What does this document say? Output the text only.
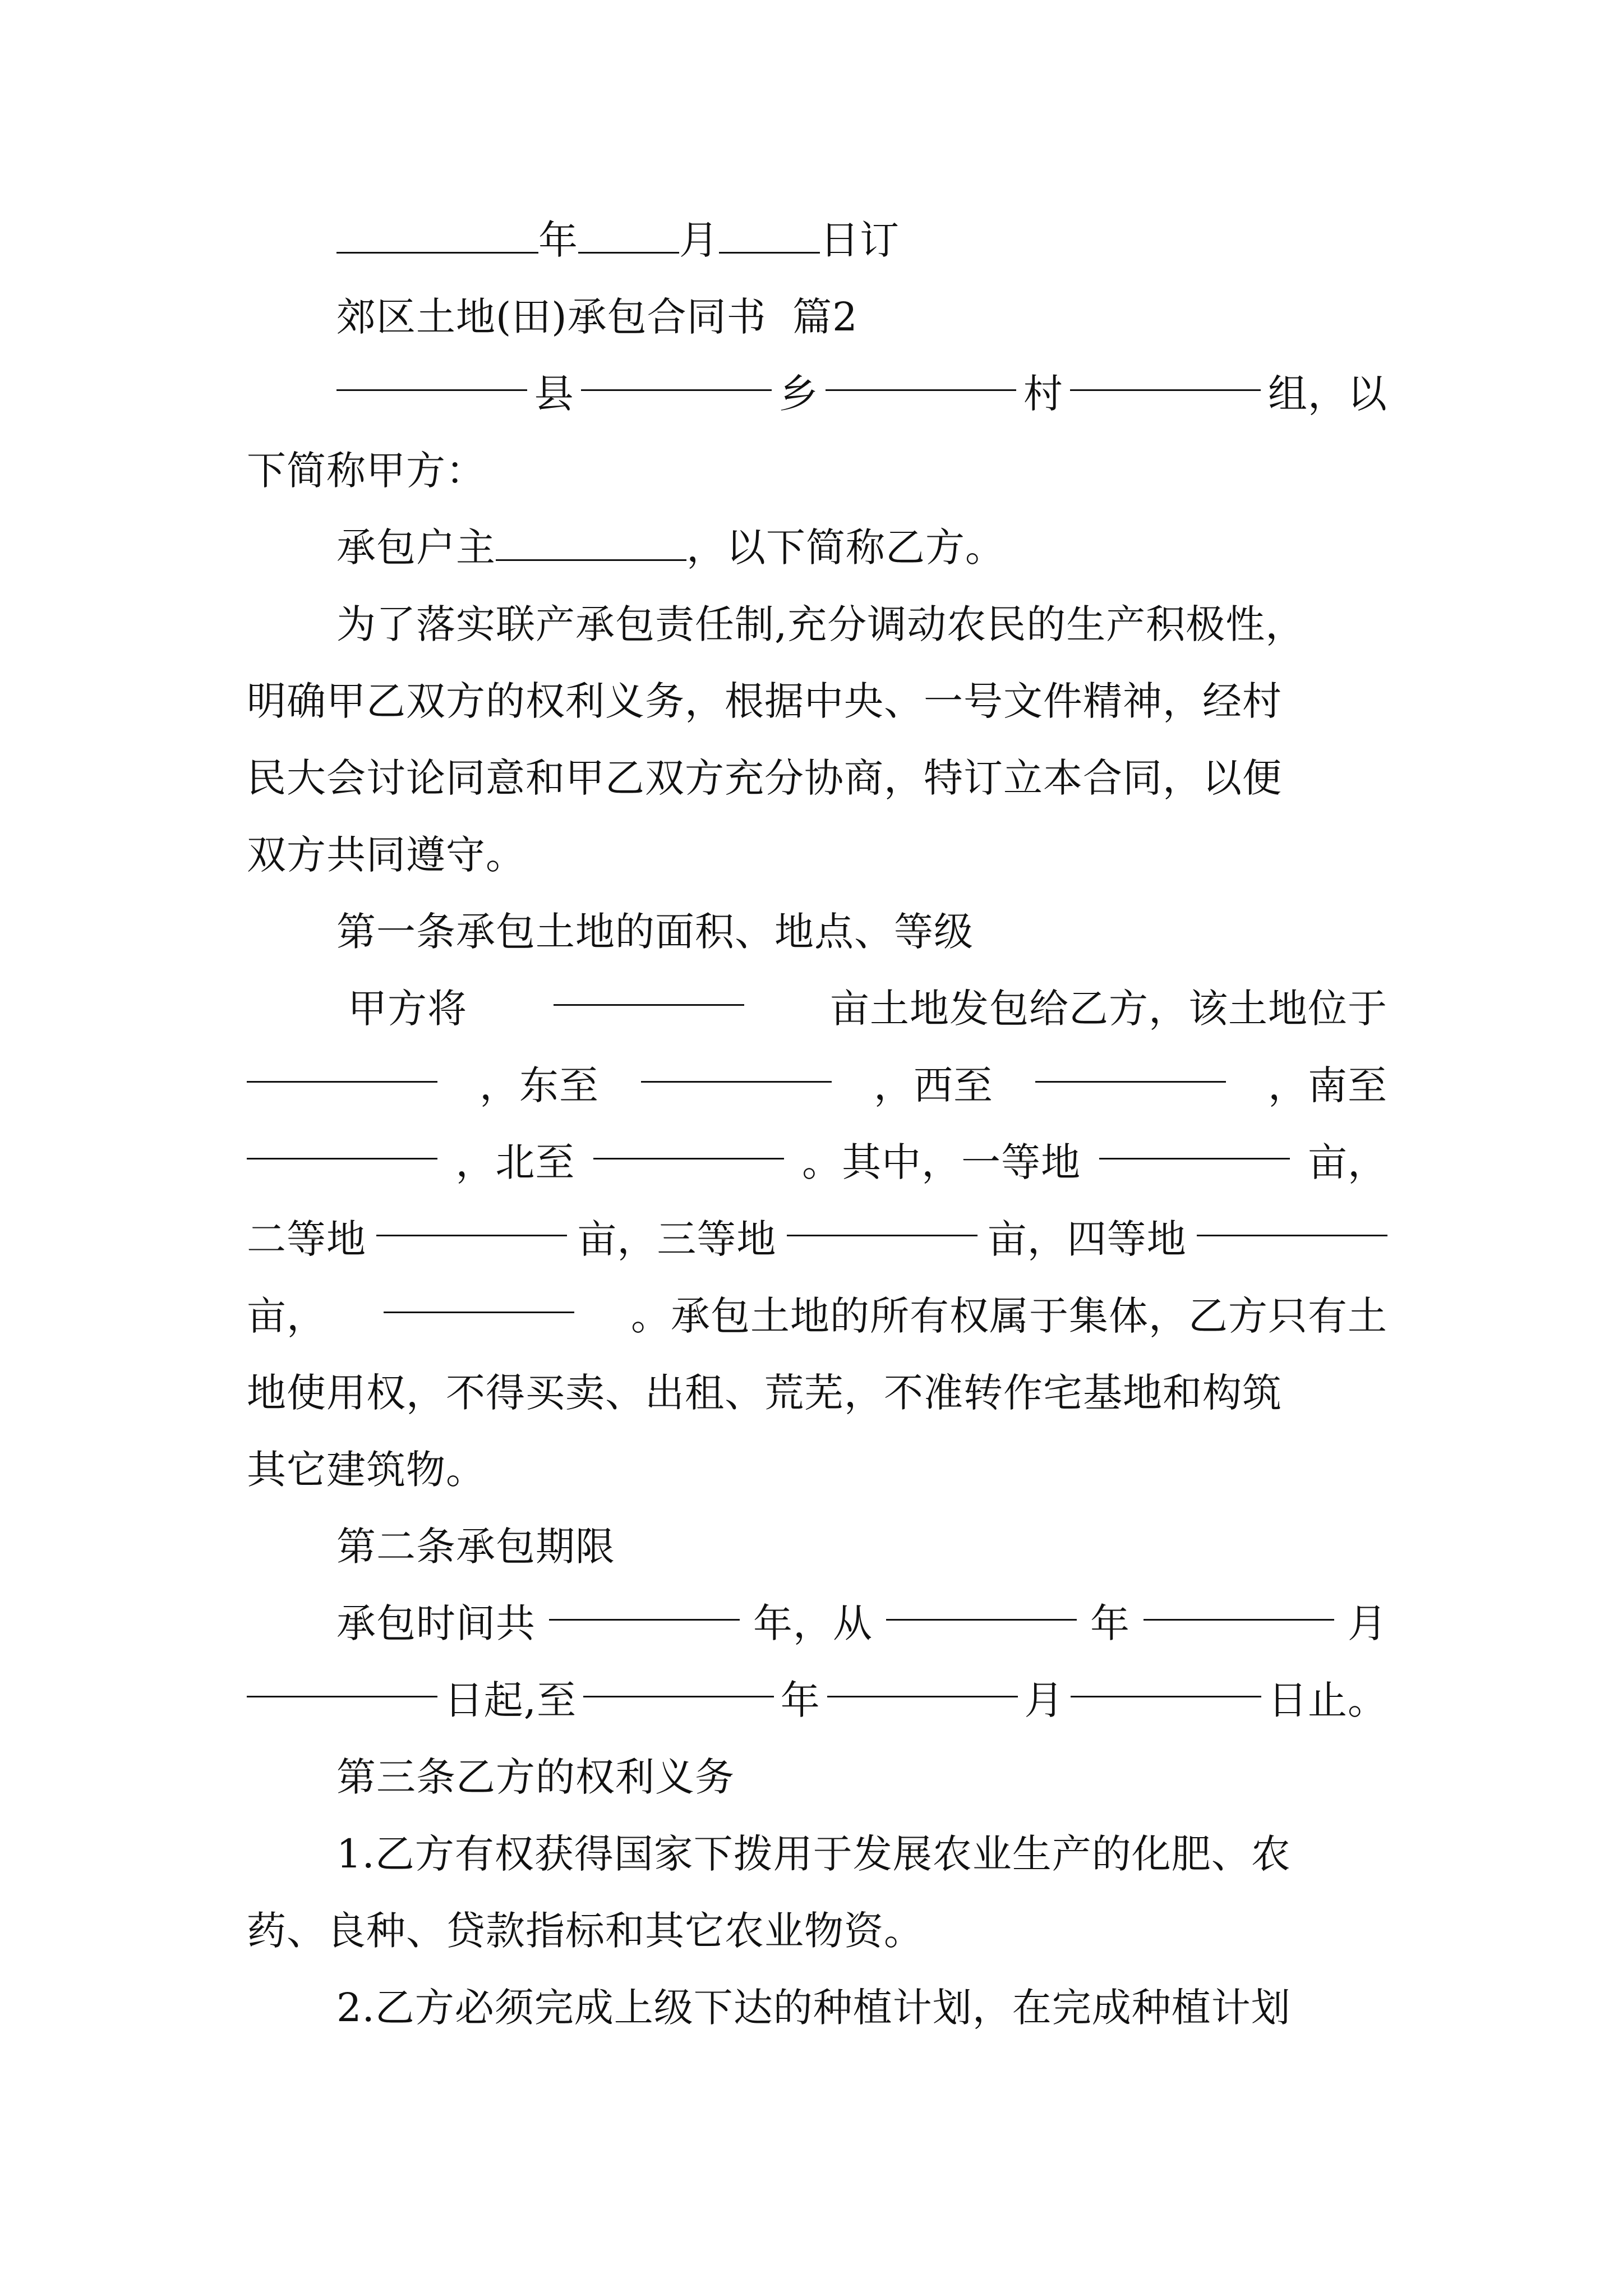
年	月	日订
郊区土地(田)承包合同书  篇2
县	乡	村	组，以
下简称甲方：
承包户主	，以下简称乙方。
为了落实联产承包责任制,充分调动农民的生产积极性，
明确甲乙双方的权利义务，根据中央、一号文件精神，经村
民大会讨论同意和甲乙双方充分协商，特订立本合同，以便
双方共同遵守。
第一条承包土地的面积、地点、等级
甲方将	亩土地发包给乙方，该土地位于
，东至	，西至	，南至
，北至	。其中，一等地	亩，
二等地	亩，三等地	亩，四等地
亩，	。承包土地的所有权属于集体，乙方只有土
地使用权，不得买卖、出租、荒芜，不准转作宅基地和构筑
其它建筑物。
第二条承包期限
承包时间共	年，从	年	月
日起,至	年	月	日止。
第三条乙方的权利义务
1.乙方有权获得国家下拨用于发展农业生产的化肥、农
药、良种、贷款指标和其它农业物资。
2.乙方必须完成上级下达的种植计划，在完成种植计划
